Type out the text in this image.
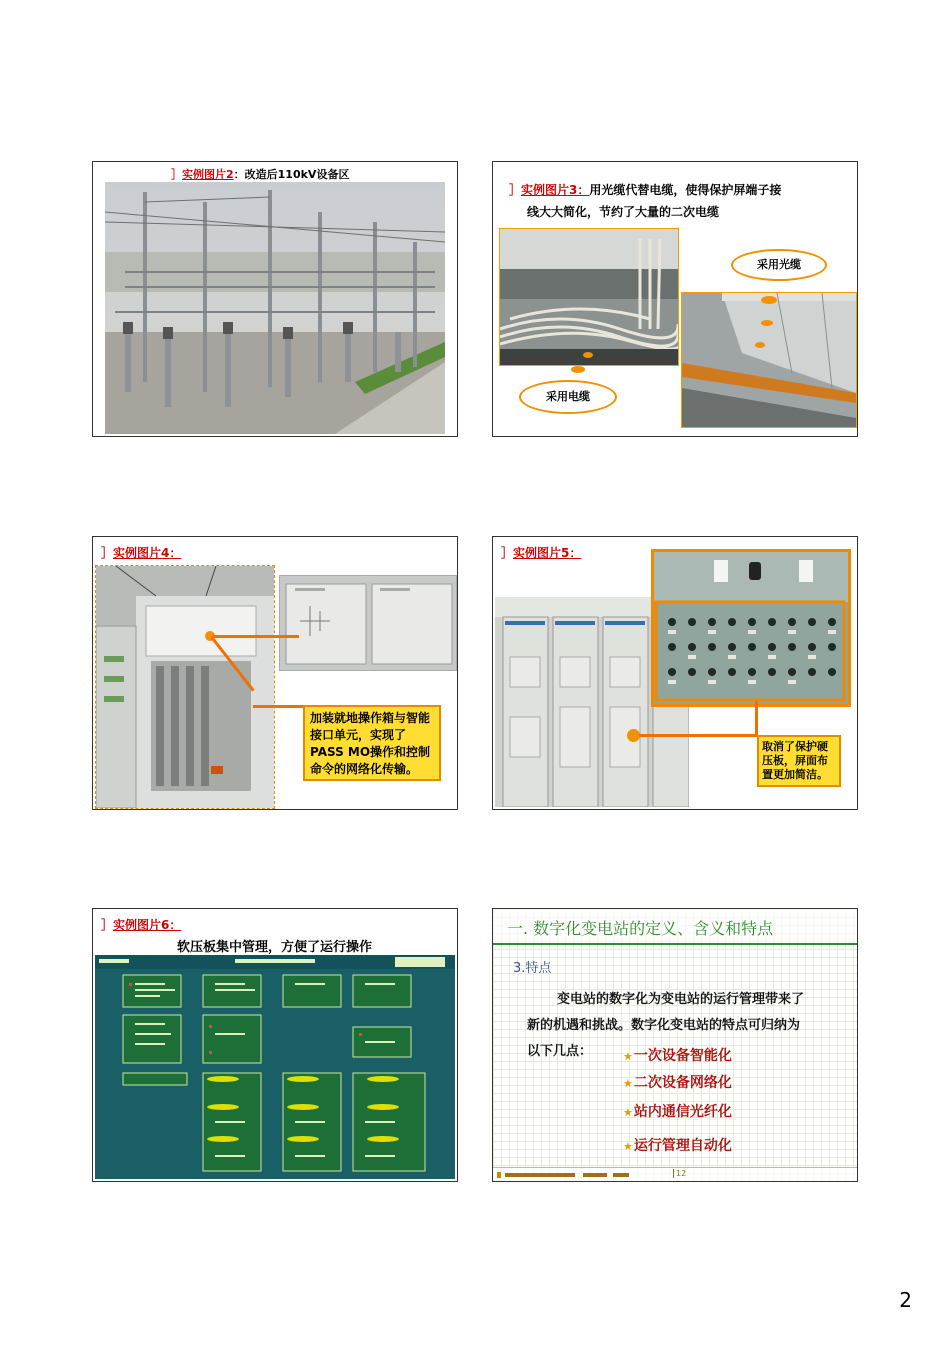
］实例图片2：改造后110kV设备区
］实例图片3：用光缆代替电缆，使得保护屏端子接
线大大简化，节约了大量的二次电缆
采用光缆
采用电缆
］实例图片4：
加装就地操作箱与智能接口单元，实现了PASS MO操作和控制命令的网络化传输。
］实例图片5：
取消了保护硬压板，屏面布置更加简洁。
］实例图片6：
软压板集中管理，方便了运行操作
一. 数字化变电站的定义、含义和特点
3.特点
变电站的数字化为变电站的运行管理带来了
新的机遇和挑战。数字化变电站的特点可归纳为
以下几点：	★一次设备智能化
★二次设备网络化
★站内通信光纤化
★运行管理自动化
12
2
